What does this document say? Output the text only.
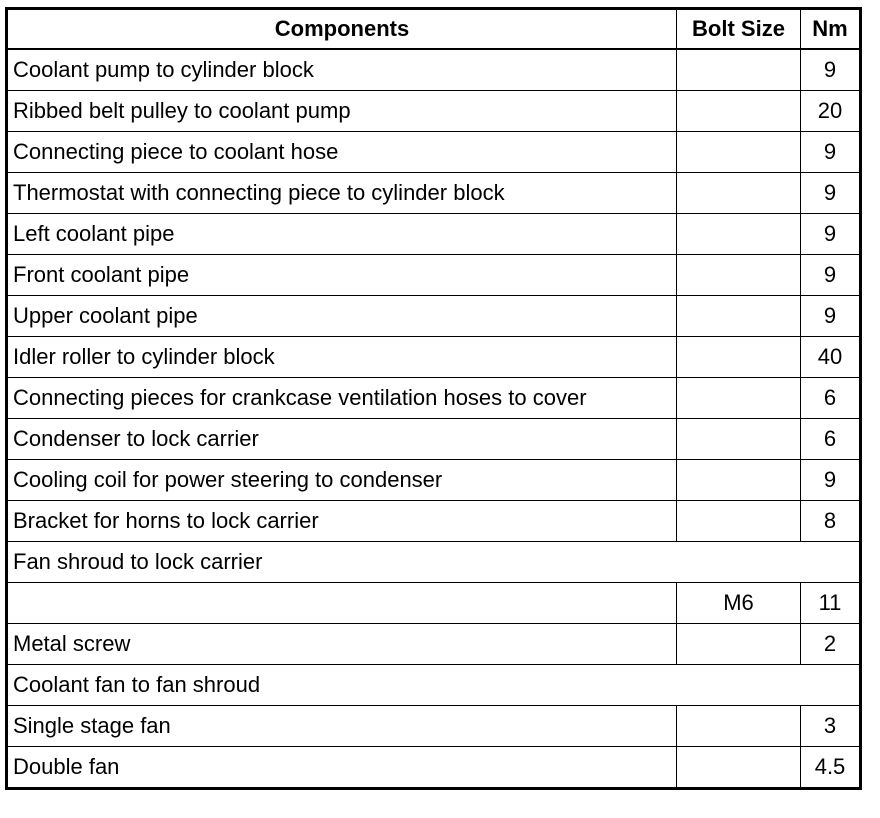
Components	Bolt Size	Nm
Coolant pump to cylinder block		9
Ribbed belt pulley to coolant pump		20
Connecting piece to coolant hose		9
Thermostat with connecting piece to cylinder block		9
Left coolant pipe		9
Front coolant pipe		9
Upper coolant pipe		9
Idler roller to cylinder block		40
Connecting pieces for crankcase ventilation hoses to cover		6
Condenser to lock carrier		6
Cooling coil for power steering to condenser		9
Bracket for horns to lock carrier		8
Fan shroud to lock carrier		
	M6	11
Metal screw		2
Coolant fan to fan shroud		
Single stage fan		3
Double fan		4.5
